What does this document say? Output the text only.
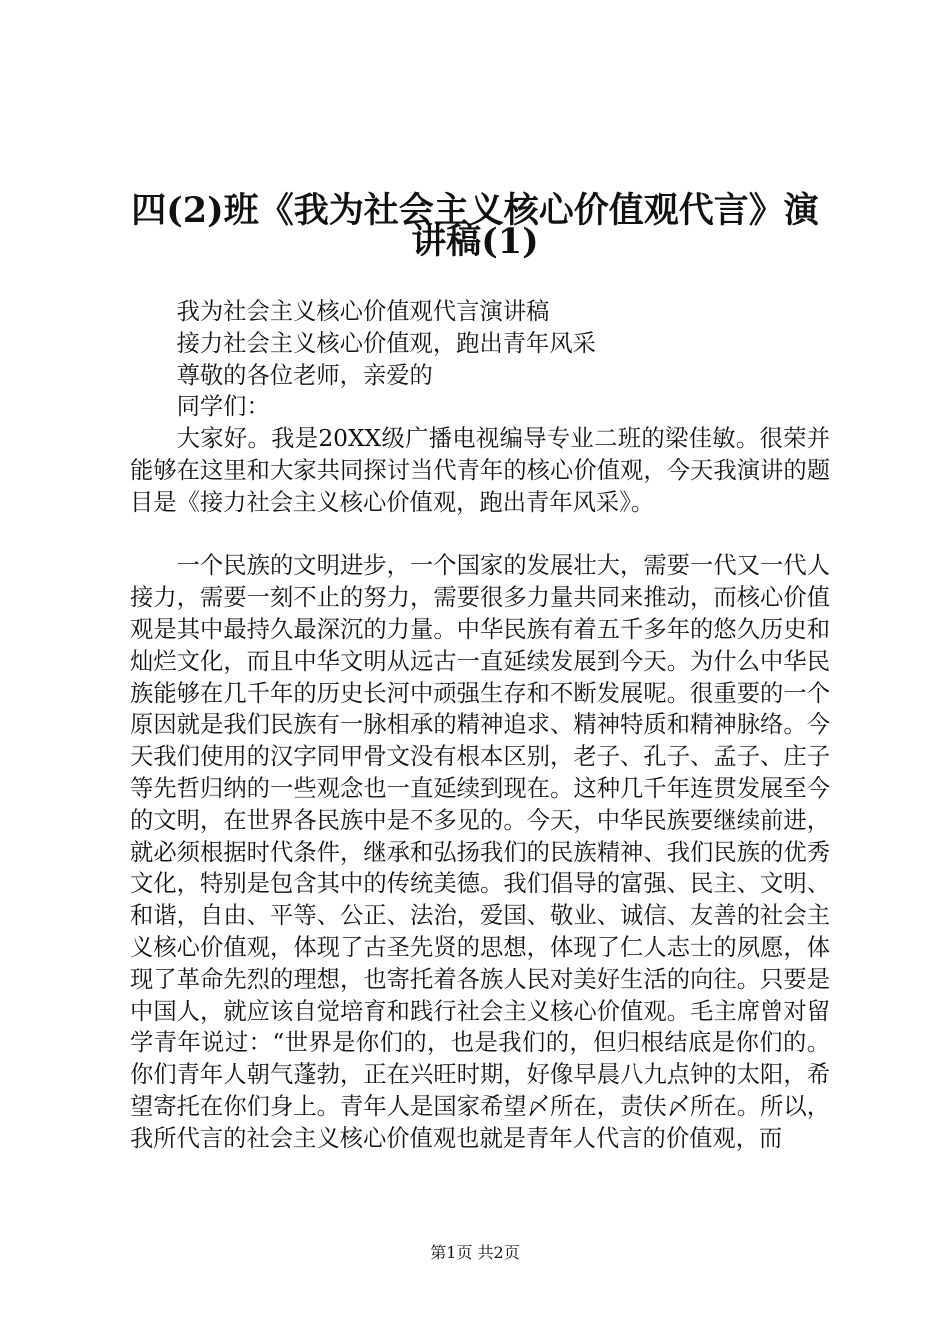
四(2)班《我为社会主义核心价值观代言》演
讲稿(1)

我为社会主义核心价值观代言演讲稿

接力社会主义核心价值观，跑出青年风采

尊敬的各位老师，亲爱的

同学们：

大家好。我是20XX级广播电视编导专业二班的梁佳敏。很荣并能够在这里和大家共同探讨当代青年的核心价值观，今天我演讲的题目是《接力社会主义核心价值观，跑出青年风采》。

一个民族的文明进步，一个国家的发展壮大，需要一代又一代人接力，需要一刻不止的努力，需要很多力量共同来推动，而核心价值观是其中最持久最深沉的力量。中华民族有着五千多年的悠久历史和灿烂文化，而且中华文明从远古一直延续发展到今天。为什么中华民族能够在几千年的历史长河中顽强生存和不断发展呢。很重要的一个原因就是我们民族有一脉相承的精神追求、精神特质和精神脉络。今天我们使用的汉字同甲骨文没有根本区别，老子、孔子、孟子、庄子等先哲归纳的一些观念也一直延续到现在。这种几千年连贯发展至今的文明，在世界各民族中是不多见的。今天，中华民族要继续前进，就必须根据时代条件，继承和弘扬我们的民族精神、我们民族的优秀文化，特别是包含其中的传统美德。我们倡导的富强、民主、文明、和谐，自由、平等、公正、法治，爱国、敬业、诚信、友善的社会主义核心价值观，体现了古圣先贤的思想，体现了仁人志士的夙愿，体现了革命先烈的理想，也寄托着各族人民对美好生活的向往。只要是中国人，就应该自觉培育和践行社会主义核心价值观。毛主席曾对留学青年说过：“世界是你们的，也是我们的，但归根结底是你们的。你们青年人朝气蓬勃，正在兴旺时期，好像早晨八九点钟的太阳，希望寄托在你们身上。青年人是国家希望〆所在，责伕〆所在。所以，我所代言的社会主义核心价值观也就是青年人代言的价值观，而

第1页 共2页
